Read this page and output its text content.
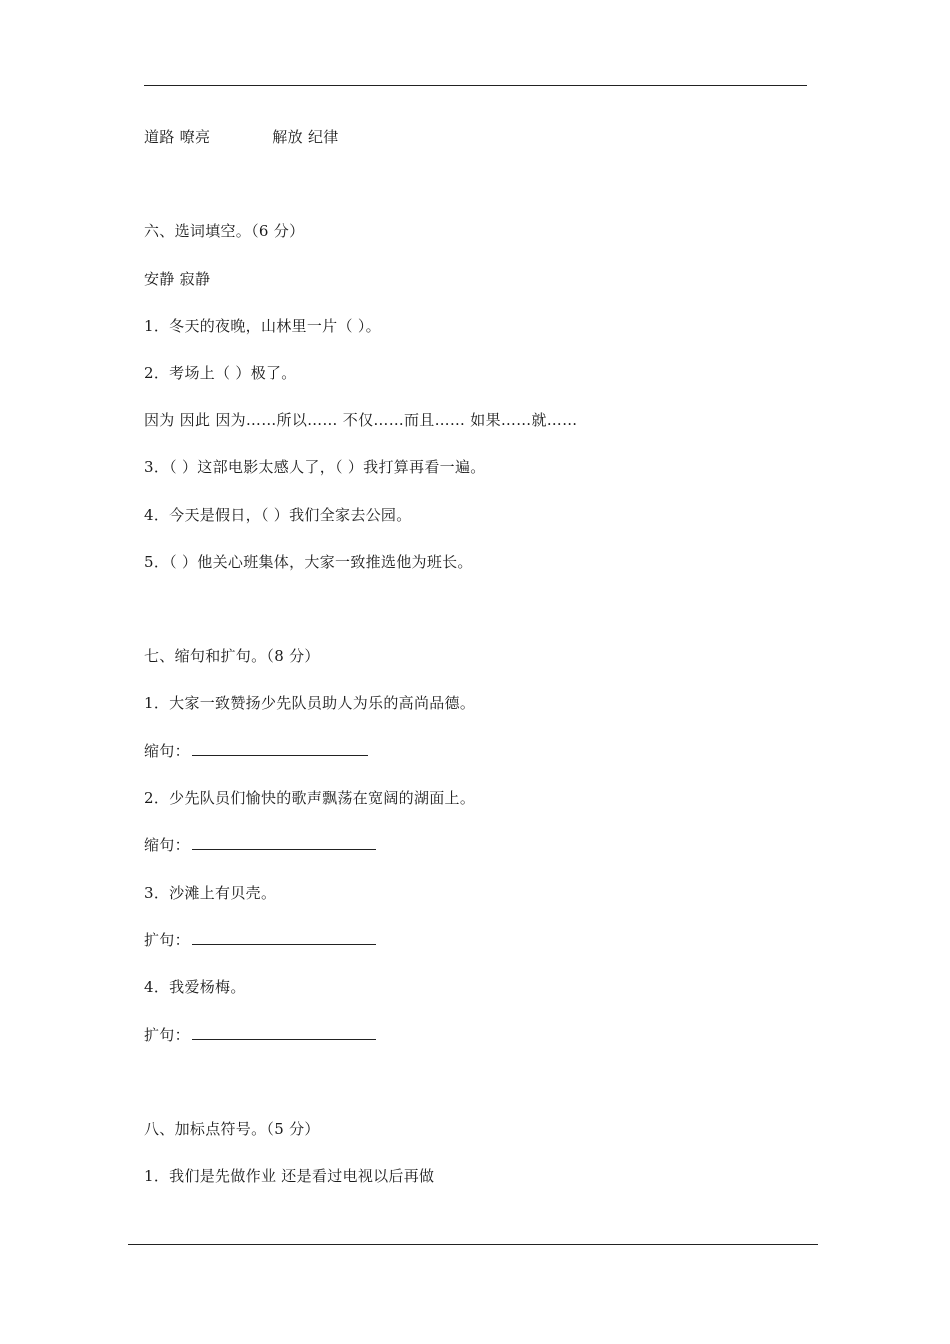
道路 嘹亮	解放 纪律
六、选词填空。（6 分）
安静 寂静
1．冬天的夜晚，山林里一片（ ）。
2．考场上（ ）极了。
因为 因此 因为……所以…… 不仅……而且…… 如果……就……
3．（ ）这部电影太感人了，（ ）我打算再看一遍。
4．今天是假日，（ ）我们全家去公园。
5．（ ）他关心班集体，大家一致推选他为班长。
七、缩句和扩句。（8 分）
1．大家一致赞扬少先队员助人为乐的高尚品德。
缩句：
2．少先队员们愉快的歌声飘荡在宽阔的湖面上。
缩句：
3．沙滩上有贝壳。
扩句：
4．我爱杨梅。
扩句：
八、加标点符号。（5 分）
1．我们是先做作业 还是看过电视以后再做
